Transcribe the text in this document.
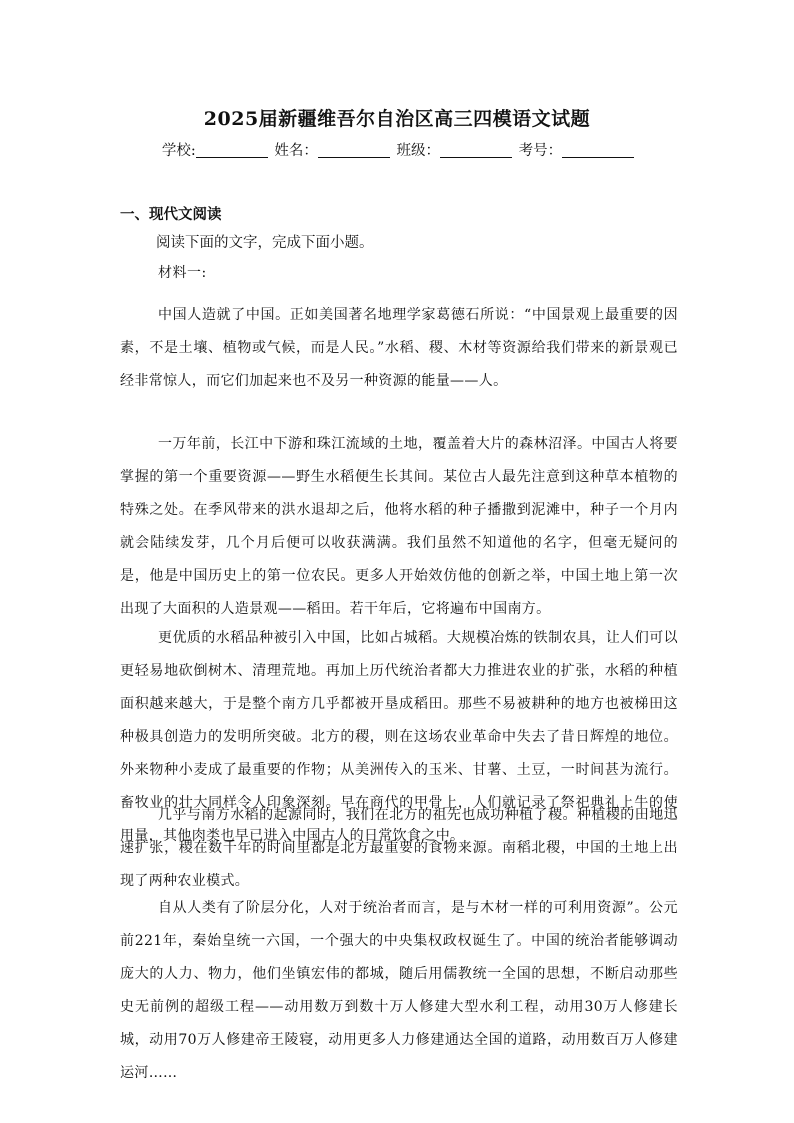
2025届新疆维吾尔自治区高三四模语文试题
学校:	姓名：	班级：	考号：
一、现代文阅读
阅读下面的文字，完成下面小题。
材料一:

中国人造就了中国。正如美国著名地理学家葛德石所说：“中国景观上最重要的因素，不是土壤、植物或气候，而是人民。”水稻、稷、木材等资源给我们带来的新景观已经非常惊人，而它们加起来也不及另一种资源的能量——人。

一万年前，长江中下游和珠江流域的土地，覆盖着大片的森林沼泽。中国古人将要掌握的第一个重要资源——野生水稻便生长其间。某位古人最先注意到这种草本植物的特殊之处。在季风带来的洪水退却之后，他将水稻的种子播撒到泥滩中，种子一个月内就会陆续发芽，几个月后便可以收获满满。我们虽然不知道他的名字，但毫无疑问的是，他是中国历史上的第一位农民。更多人开始效仿他的创新之举，中国土地上第一次出现了大面积的人造景观——稻田。若干年后，它将遍布中国南方。

更优质的水稻品种被引入中国，比如占城稻。大规模冶炼的铁制农具，让人们可以更轻易地砍倒树木、清理荒地。再加上历代统治者都大力推进农业的扩张，水稻的种植面积越来越大，于是整个南方几乎都被开垦成稻田。那些不易被耕种的地方也被梯田这种极具创造力的发明所突破。北方的稷，则在这场农业革命中失去了昔日辉煌的地位。外来物种小麦成了最重要的作物；从美洲传入的玉米、甘薯、土豆，一时间甚为流行。畜牧业的壮大同样令人印象深刻。早在商代的甲骨上，人们就记录了祭祀典礼上牛的使用量，其他肉类也早已进入中国古人的日常饮食之中。

几乎与南方水稻的起源同时，我们在北方的祖先也成功种植了稷。种植稷的田地迅速扩张，稷在数千年的时间里都是北方最重要的食物来源。南稻北稷，中国的土地上出现了两种农业模式。

自从人类有了阶层分化，人对于统治者而言，是与木材一样的可利用资源”。公元前221年，秦始皇统一六国，一个强大的中央集权政权诞生了。中国的统治者能够调动庞大的人力、物力，他们坐镇宏伟的都城，随后用儒教统一全国的思想，不断启动那些史无前例的超级工程——动用数万到数十万人修建大型水利工程，动用30万人修建长城，动用70万人修建帝王陵寝，动用更多人力修建通达全国的道路，动用数百万人修建运河……
